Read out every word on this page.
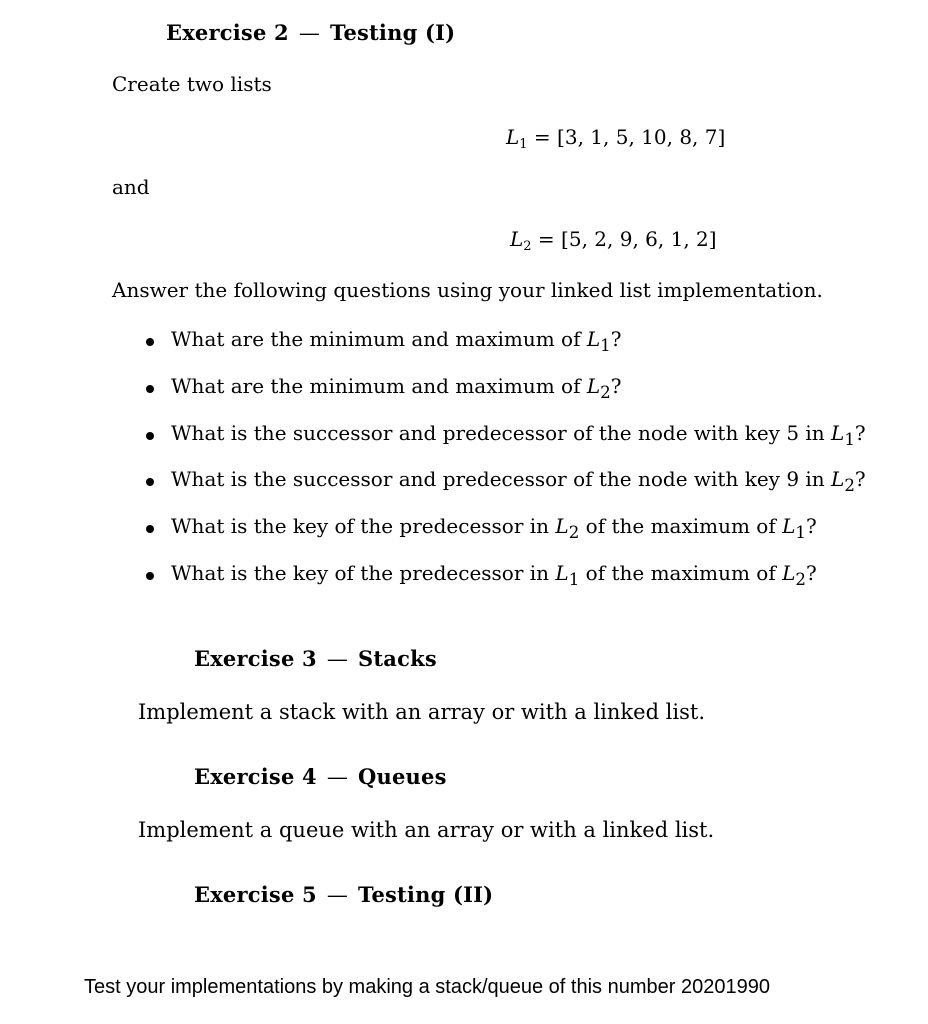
Exercise 2 — Testing (I)
Create two lists
$L_1 = [3$, 1, 5, 10, 8, 7]
and
$L_2 = [5$, 2, 9, 6, 1, 2]
Answer the following questions using your linked list implementation.
What are the minimum and maximum of $L_1$?
What are the minimum and maximum of $L_2$?
What is the successor and predecessor of the node with key 5 in $L_1$?
What is the successor and predecessor of the node with key 9 in $L_2$?
What is the key of the predecessor in $L_2$ of the maximum of $L_1$?
What is the key of the predecessor in $L_1$ of the maximum of $L_2$?
Exercise 3 — Stacks
Implement a stack with an array or with a linked list.
Exercise 4 — Queues
Implement a queue with an array or with a linked list.
Exercise 5 — Testing (II)
Test your implementations by making a stack/queue of this number 20201990
